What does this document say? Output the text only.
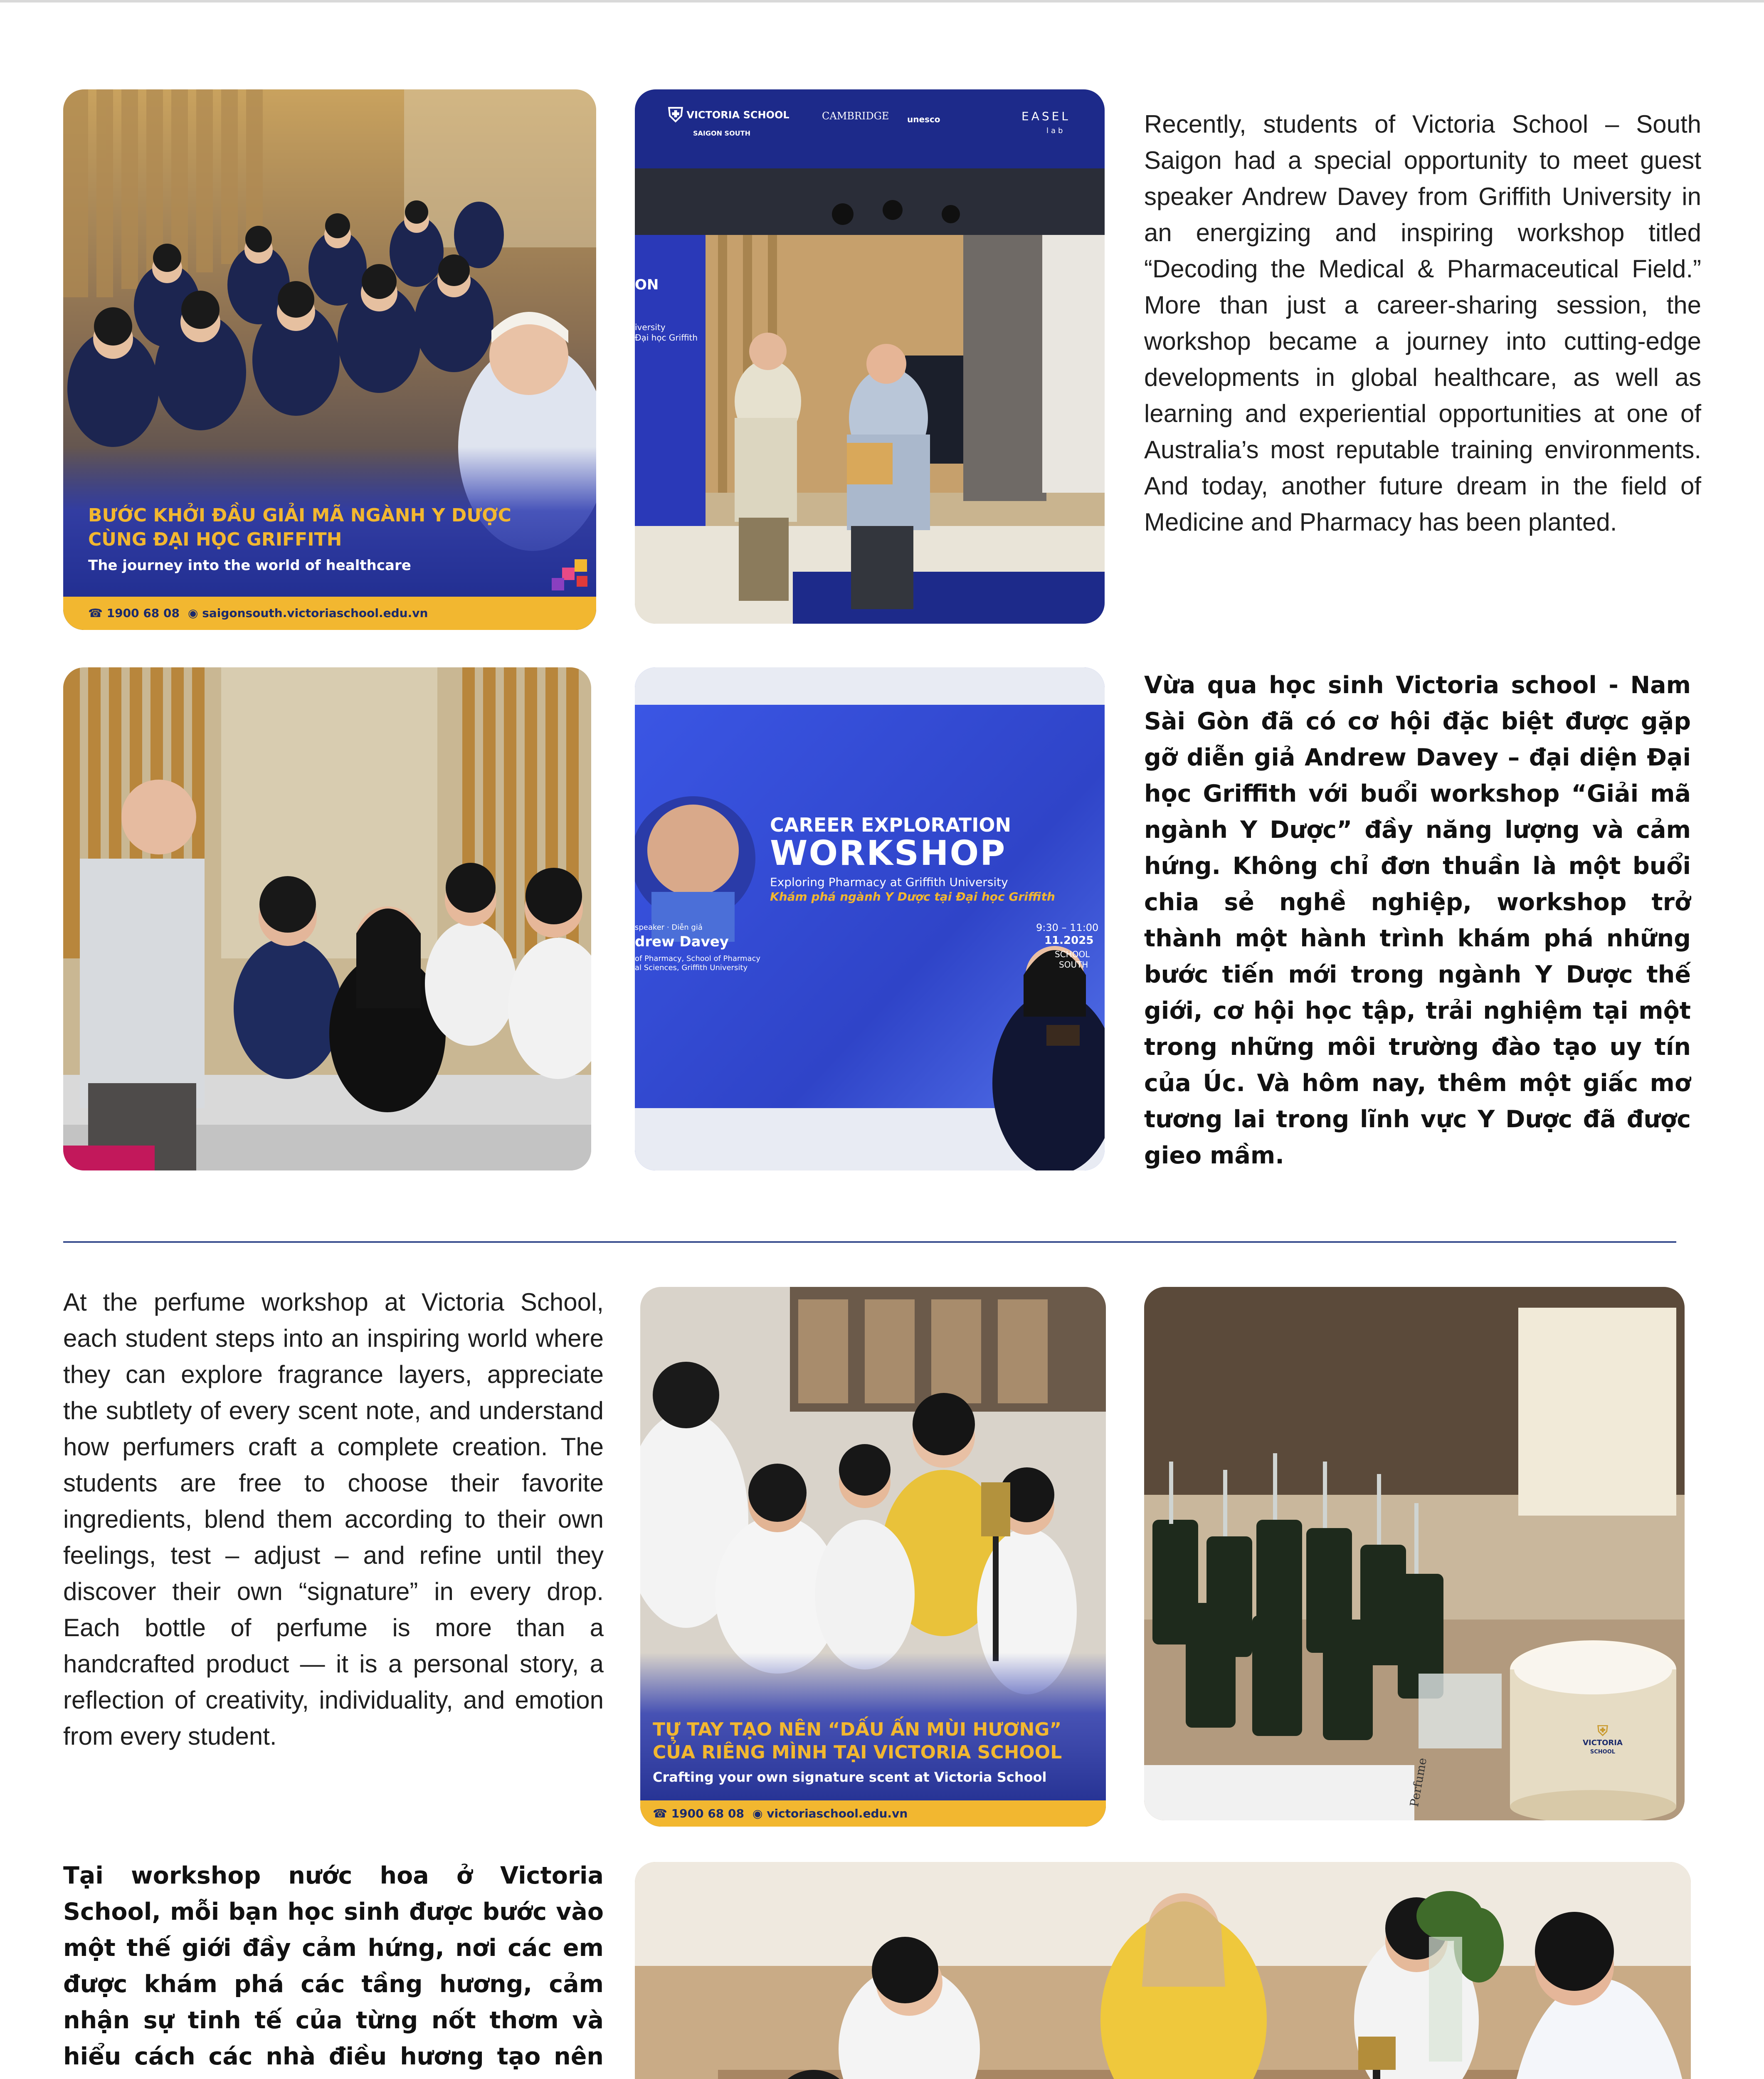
BƯỚC KHỞI ĐẦU GIẢI MÃ NGÀNH Y DƯỢC
CÙNG ĐẠI HỌC GRIFFITH
The journey into the world of healthcare
☎ 1900 68 08 ◉ saigonsouth.victoriaschool.edu.vn
⛨ VICTORIA SCHOOL
SAIGON SOUTH
CAMBRIDGE unesco	EASEL
lab
ON
iversity
Đại học Griffith
Recently, students of Victoria School – South Saigon had a special opportunity to meet guest speaker Andrew Davey from Griffith University in an energizing and inspiring workshop titled “Decoding the Medical & Pharmaceutical Field.” More than just a career-sharing session, the workshop became a journey into cutting-edge developments in global healthcare, as well as learning and experiential opportunities at one of Australia’s most reputable training environments. And today, another future dream in the field of Medicine and Pharmacy has been planted.
CAREER EXPLORATION
WORKSHOP
Exploring Pharmacy at Griffith University
Khám phá ngành Y Dược tại Đại học Griffith
speaker · Diễn giả
drew Davey
of Pharmacy, School of Pharmacy
al Sciences, Griffith University
9:30 – 11:00
11.2025
SCHOOL
SOUTH
Vừa qua học sinh Victoria school - Nam Sài Gòn đã có cơ hội đặc biệt được gặp gỡ diễn giả Andrew Davey – đại diện Đại học Griffith với buổi workshop “Giải mã ngành Y Dược” đầy năng lượng và cảm hứng. Không chỉ đơn thuần là một buổi chia sẻ nghề nghiệp, workshop trở thành một hành trình khám phá những bước tiến mới trong ngành Y Dược thế giới, cơ hội học tập, trải nghiệm tại một trong những môi trường đào tạo uy tín của Úc. Và hôm nay, thêm một giấc mơ tương lai trong lĩnh vực Y Dược đã được gieo mầm.
At the perfume workshop at Victoria School, each student steps into an inspiring world where they can explore fragrance layers, appreciate the subtlety of every scent note, and understand how perfumers craft a complete creation. The students are free to choose their favorite ingredients, blend them according to their own feelings, test – adjust – and refine until they discover their own “signature” in every drop. Each bottle of perfume is more than a handcrafted product — it is a personal story, a reflection of creativity, individuality, and emotion from every student.	TỰ TAY TẠO NÊN “DẤU ẤN MÙI HƯƠNG”
CỦA RIÊNG MÌNH TẠI VICTORIA SCHOOL
Crafting your own signature scent at Victoria School
☎ 1900 68 08 ◉ victoriaschool.edu.vn
⛨
VICTORIA
SCHOOL
Perfume
Tại workshop nước hoa ở Victoria School, mỗi bạn học sinh được bước vào một thế giới đầy cảm hứng, nơi các em được khám phá các tầng hương, cảm nhận sự tinh tế của từng nốt thơm và hiểu cách các nhà điều hương tạo nên
